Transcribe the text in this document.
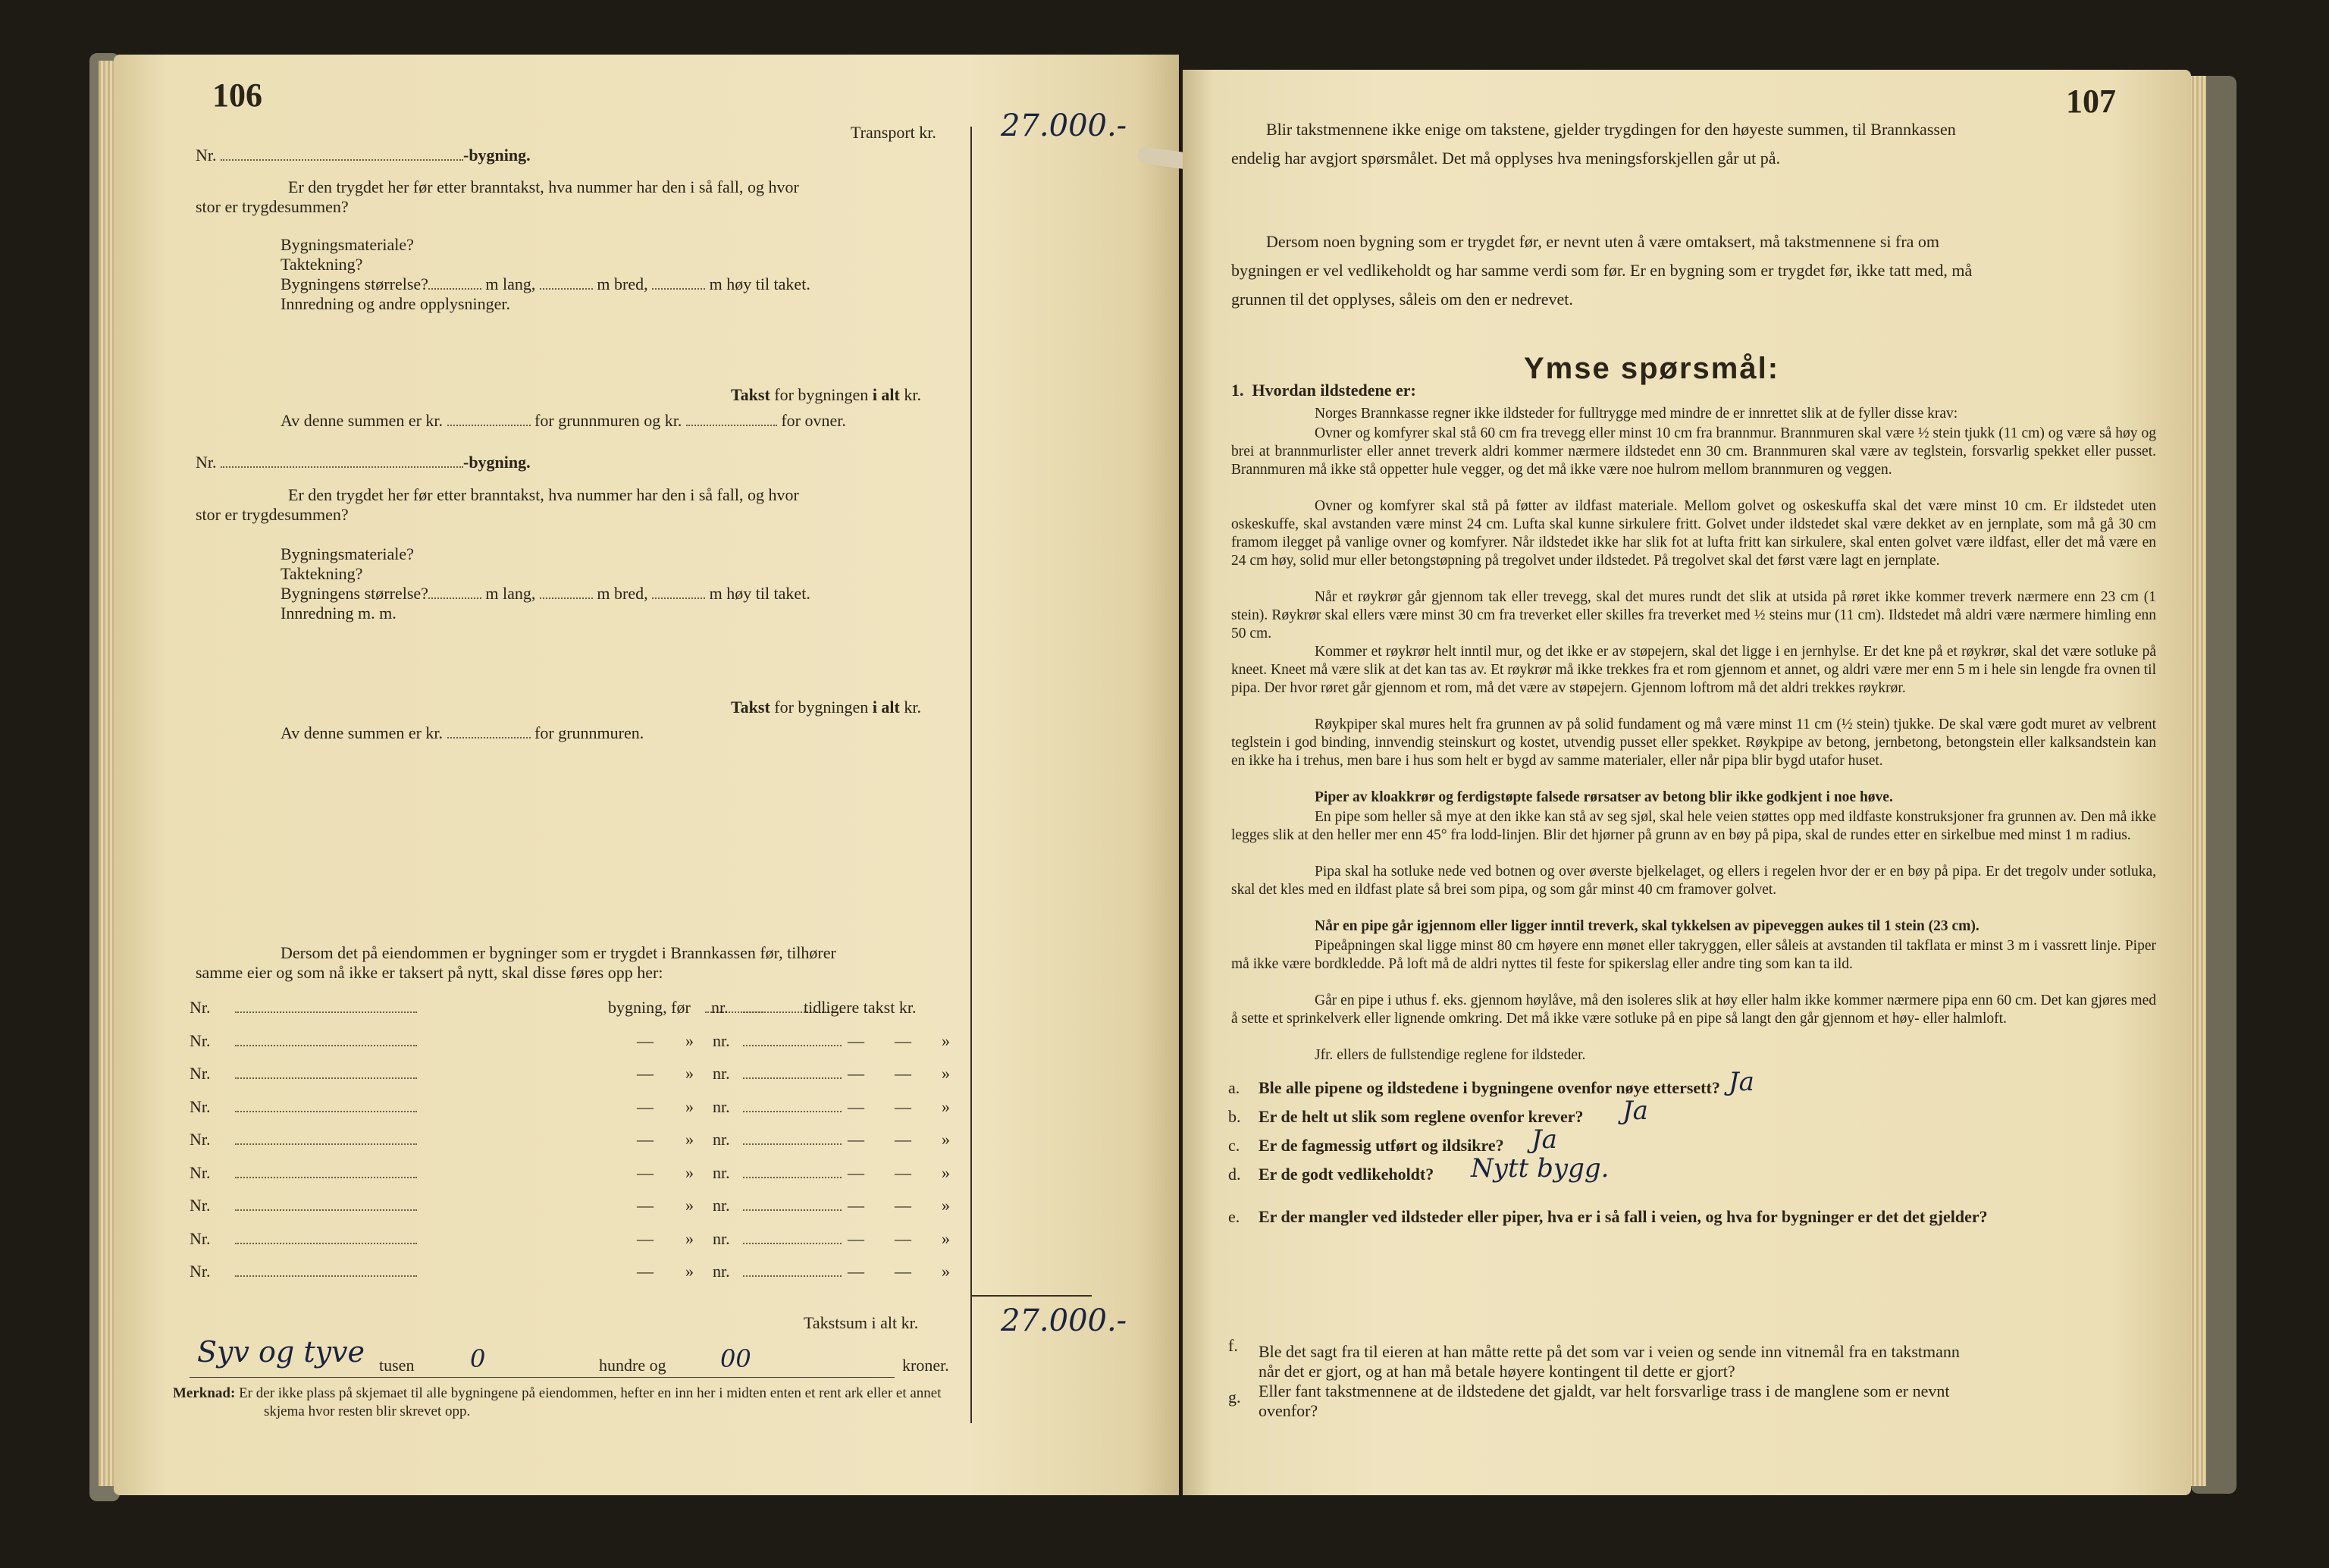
106
Transport kr. 27.000.-
Nr.	-bygning.
Er den trygdet her før etter branntakst, hva nummer har den i så fall, og hvor
stor er trygdesummen?
Bygningsmateriale?
Taktekning?
Bygningens størrelse?	m lang,	m bred,	m høy til taket.
Innredning og andre opplysninger.
Takst for bygningen i alt kr.
Av denne summen er kr.	for grunnmuren og kr.	for ovner.
Nr.	-bygning.
Er den trygdet her før etter branntakst, hva nummer har den i så fall, og hvor
stor er trygdesummen?
Bygningsmateriale?
Taktekning?
Bygningens størrelse?	m lang,	m bred,	m høy til taket.
Innredning m. m.
Takst for bygningen i alt kr.
Av denne summen er kr.	for grunnmuren.
Dersom det på eiendommen er bygninger som er trygdet i Brannkassen før, tilhører
samme eier og som nå ikke er taksert på nytt, skal disse føres opp her:
Nr.	bygning, før nr.	tidligere takst kr.
Nr.	— » nr.	— — »
Nr.	— » nr.	— — »
Nr.	— » nr.	— — »
Nr.	— » nr.	— — »
Nr.	— » nr.	— — »
Nr.	— » nr.	— — »
Nr.	— » nr.	— — »
Nr.	— » nr.	— — »
Takstsum i alt kr.	27.000.-
Syv og tyve tusen 0	hundre og 00	kroner.
Merknad: Er der ikke plass på skjemaet til alle bygningene på eiendommen, hefter en inn her i midten enten et rent ark eller et annet
skjema hvor resten blir skrevet opp.
107
Blir takstmennene ikke enige om takstene, gjelder trygdingen for den høyeste summen, til Brannkassen
endelig har avgjort spørsmålet. Det må opplyses hva meningsforskjellen går ut på.
Dersom noen bygning som er trygdet før, er nevnt uten å være omtaksert, må takstmennene si fra om
bygningen er vel vedlikeholdt og har samme verdi som før. Er en bygning som er trygdet før, ikke tatt med, må
grunnen til det opplyses, såleis om den er nedrevet.
Ymse spørsmål:
1. Hvordan ildstedene er:
Norges Brannkasse regner ikke ildsteder for fulltrygge med mindre de er innrettet slik at de fyller disse krav:
Ovner og komfyrer skal stå 60 cm fra trevegg eller minst 10 cm fra brannmur. Brannmuren skal være ½ stein tjukk (11 cm) og være så høy og brei at brannmurlister eller annet treverk aldri kommer nærmere ildstedet enn 30 cm. Brannmuren skal være av teglstein, forsvarlig spekket eller pusset. Brannmuren må ikke stå oppetter hule vegger, og det må ikke være noe hulrom mellom brannmuren og veggen.
Ovner og komfyrer skal stå på føtter av ildfast materiale. Mellom golvet og oskeskuffa skal det være minst 10 cm. Er ildstedet uten oskeskuffe, skal avstanden være minst 24 cm. Lufta skal kunne sirkulere fritt. Golvet under ildstedet skal være dekket av en jernplate, som må gå 30 cm framom ilegget på vanlige ovner og komfyrer. Når ildstedet ikke har slik fot at lufta fritt kan sirkulere, skal enten golvet være ildfast, eller det må være en 24 cm høy, solid mur eller betongstøpning på tregolvet under ildstedet. På tregolvet skal det først være lagt en jernplate.
Når et røykrør går gjennom tak eller trevegg, skal det mures rundt det slik at utsida på røret ikke kommer treverk nærmere enn 23 cm (1 stein). Røykrør skal ellers være minst 30 cm fra treverket eller skilles fra treverket med ½ steins mur (11 cm). Ildstedet må aldri være nærmere himling enn 50 cm.
Kommer et røykrør helt inntil mur, og det ikke er av støpejern, skal det ligge i en jernhylse. Er det kne på et røykrør, skal det være sotluke på kneet. Kneet må være slik at det kan tas av. Et røykrør må ikke trekkes fra et rom gjennom et annet, og aldri være mer enn 5 m i hele sin lengde fra ovnen til pipa. Der hvor røret går gjennom et rom, må det være av støpejern. Gjennom loftrom må det aldri trekkes røykrør.
Røykpiper skal mures helt fra grunnen av på solid fundament og må være minst 11 cm (½ stein) tjukke. De skal være godt muret av velbrent teglstein i god binding, innvendig steinskurt og kostet, utvendig pusset eller spekket. Røykpipe av betong, jernbetong, betongstein eller kalksandstein kan en ikke ha i trehus, men bare i hus som helt er bygd av samme materialer, eller når pipa blir bygd utafor huset.
Piper av kloakkrør og ferdigstøpte falsede rørsatser av betong blir ikke godkjent i noe høve.
En pipe som heller så mye at den ikke kan stå av seg sjøl, skal hele veien støttes opp med ildfaste konstruksjoner fra grunnen av. Den må ikke legges slik at den heller mer enn 45° fra lodd-linjen. Blir det hjørner på grunn av en bøy på pipa, skal de rundes etter en sirkelbue med minst 1 m radius.
Pipa skal ha sotluke nede ved botnen og over øverste bjelkelaget, og ellers i regelen hvor der er en bøy på pipa. Er det tregolv under sotluka, skal det kles med en ildfast plate så brei som pipa, og som går minst 40 cm framover golvet.
Når en pipe går igjennom eller ligger inntil treverk, skal tykkelsen av pipeveggen aukes til 1 stein (23 cm).
Pipeåpningen skal ligge minst 80 cm høyere enn mønet eller takryggen, eller såleis at avstanden til takflata er minst 3 m i vassrett linje. Piper må ikke være bordkledde. På loft må de aldri nyttes til feste for spikerslag eller andre ting som kan ta ild.
Går en pipe i uthus f. eks. gjennom høylåve, må den isoleres slik at høy eller halm ikke kommer nærmere pipa enn 60 cm. Det kan gjøres med å sette et sprinkelverk eller lignende omkring. Det må ikke være sotluke på en pipe så langt den går gjennom et høy- eller halmloft.
Jfr. ellers de fullstendige reglene for ildsteder.
a. Ble alle pipene og ildstedene i bygningene ovenfor nøye ettersett? Ja
b. Er de helt ut slik som reglene ovenfor krever? Ja
c. Er de fagmessig utført og ildsikre? Ja
d. Er de godt vedlikeholdt? Nytt bygg.
e. Er der mangler ved ildsteder eller piper, hva er i så fall i veien, og hva for bygninger er det det gjelder?
f. Ble det sagt fra til eieren at han måtte rette på det som var i veien og sende inn vitnemål fra en takstmann
når det er gjort, og at han må betale høyere kontingent til dette er gjort?
g. Eller fant takstmennene at de ildstedene det gjaldt, var helt forsvarlige trass i de manglene som er nevnt
ovenfor?
